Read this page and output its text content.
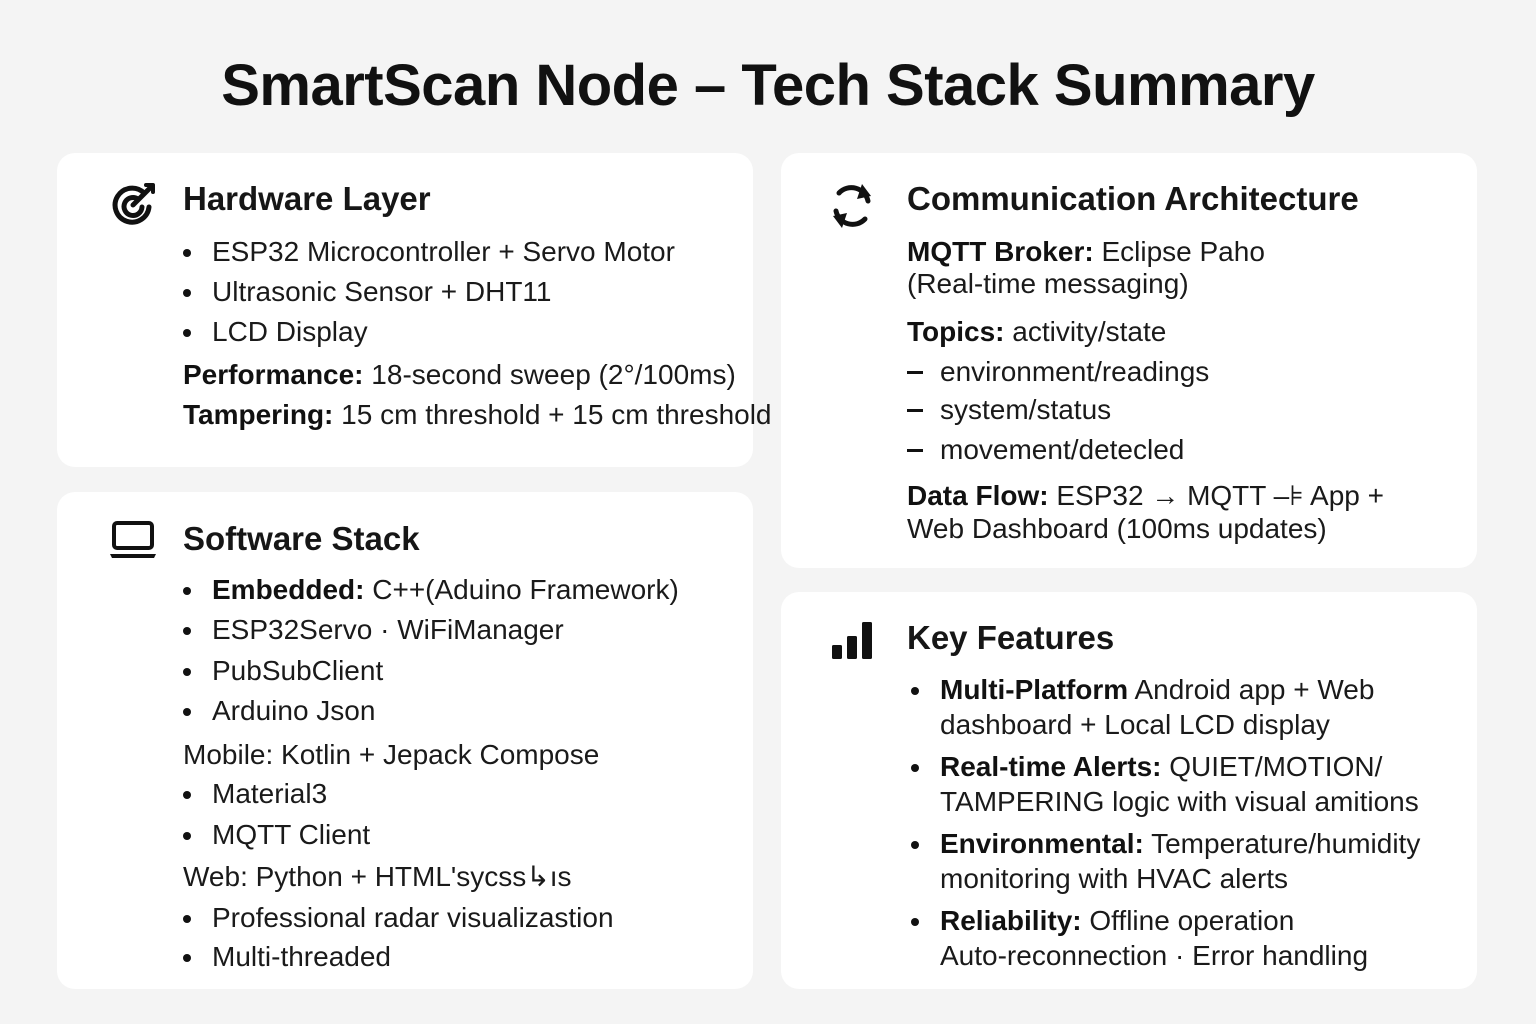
SmartScan Node – Tech Stack Summary
Hardware Layer
ESP32 Microcontroller + Servo Motor
Ultrasonic Sensor + DHT11
LCD Display
Performance: 18-second sweep (2°/100ms)
Tampering: 15 cm threshold + 15 cm threshold
Software Stack
Embedded: C++(Aduino Framework)
ESP32Servo · WiFiManager
PubSubClient
Arduino Json
Mobile: Kotlin + Jepack Compose
Material3
MQTT Client
Web: Python + HTML'sycss↳ıs
Professional radar visualizastion
Multi-threaded
Communication Architecture
MQTT Broker: Eclipse Paho
(Real-time messaging)
Topics: activity/state
environment/readings
system/status
movement/detecled
Data Flow: ESP32 → MQTT –⊧ App +
Web Dashboard (100ms updates)
Key Features
Multi-Platform Android app + Web
dashboard + Local LCD display
Real-time Alerts: QUIET/MOTION/
TAMPERING logic with visual amitions
Environmental: Temperature/humidity
monitoring with HVAC alerts
Reliability: Offline operation
Auto-reconnection · Error handling
